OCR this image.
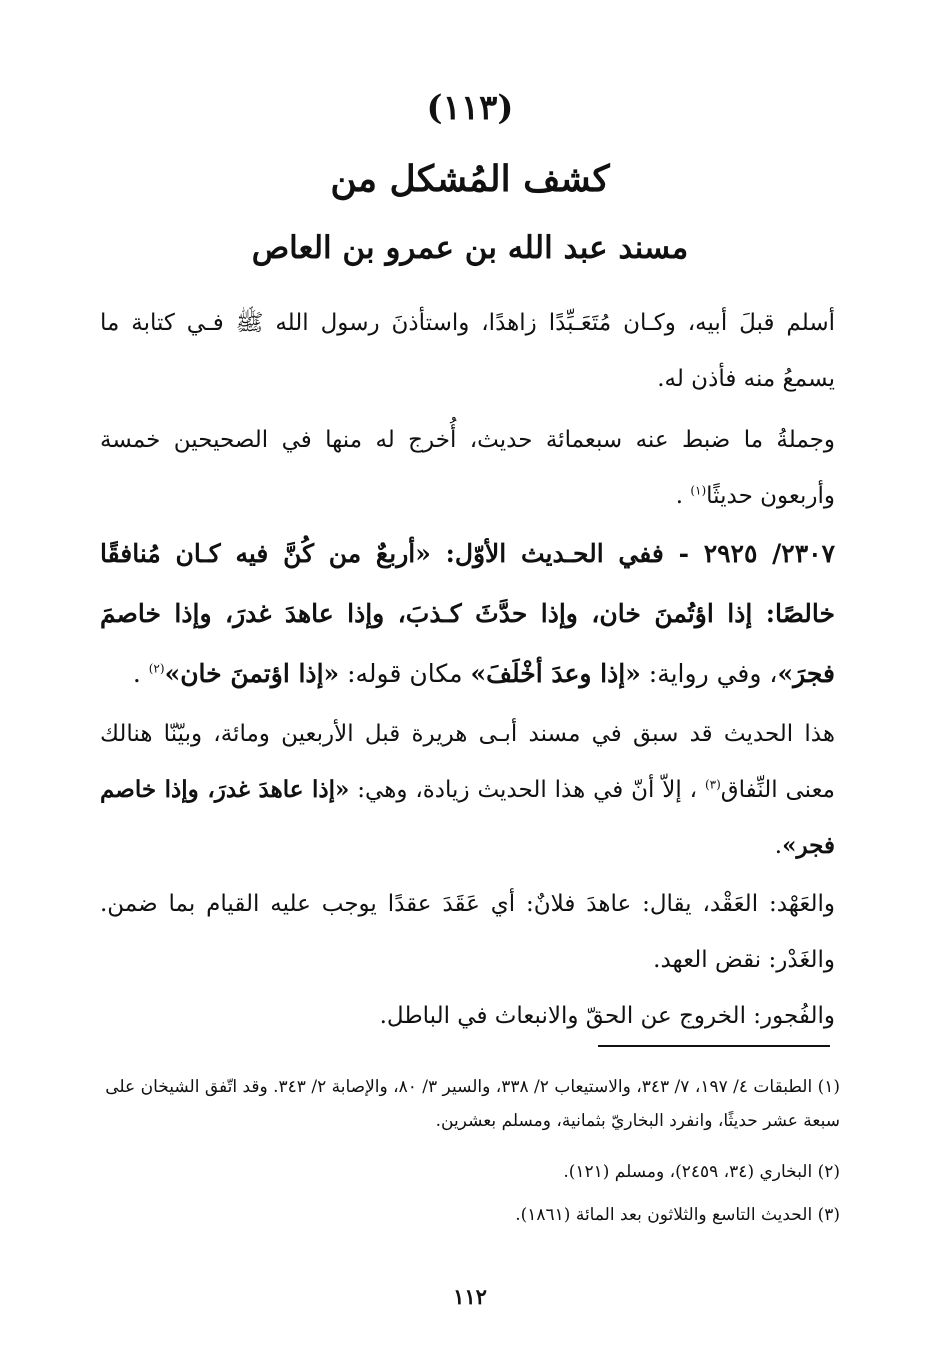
(١١٣)
كشف المُشكل من
مسند عبد الله بن عمرو بن العاص
أسلم قبلَ أبيه، وكـان مُتَعَـبِّدًا زاهدًا، واستأذنَ رسول الله ﷺ فـي كتابة ما يسمعُ منه فأذن له.
وجملةُ ما ضبط عنه سبعمائة حديث، أُخرج له منها في الصحيحين خمسة وأربعون حديثًا$^{(١)}$ .
٢٣٠٧/ ٢٩٢٥ - ففي الحـديث الأوّل: «أربعٌ من كُنَّ فيه كـان مُنافقًا خالصًا: إذا اؤتُمنَ خان، وإذا حدَّثَ كـذبَ، وإذا عاهدَ غدرَ، وإذا خاصمَ فجرَ»، وفي رواية: «إذا وعدَ أخْلَفَ» مكان قوله: «إذا اؤتمنَ خان»$^{(٢)}$ .
هذا الحديث قد سبق في مسند أبـى هريرة قبل الأربعين ومائة، وبيّنّا هنالك معنى النِّفاق$^{(٣)}$ ، إلاّ أنّ في هذا الحديث زيادة، وهي: «إذا عاهدَ غدرَ، وإذا خاصم فجر».
والعَهْد: العَقْد، يقال: عاهدَ فلانٌ: أي عَقَدَ عقدًا يوجب عليه القيام بما ضمن. والغَدْر: نقض العهد.
والفُجور: الخروج عن الحقّ والانبعاث في الباطل.
(١) الطبقات ٤/ ١٩٧، ٧/ ٣٤٣، والاستيعاب ٢/ ٣٣٨، والسير ٣/ ٨٠، والإصابة ٢/ ٣٤٣. وقد اتّفق الشيخان على سبعة عشر حديثًا، وانفرد البخاريّ بثمانية، ومسلم بعشرين.
(٢) البخاري (٣٤، ٢٤٥٩)، ومسلم (١٢١).
(٣) الحديث التاسع والثلاثون بعد المائة (١٨٦١).
١١٢
